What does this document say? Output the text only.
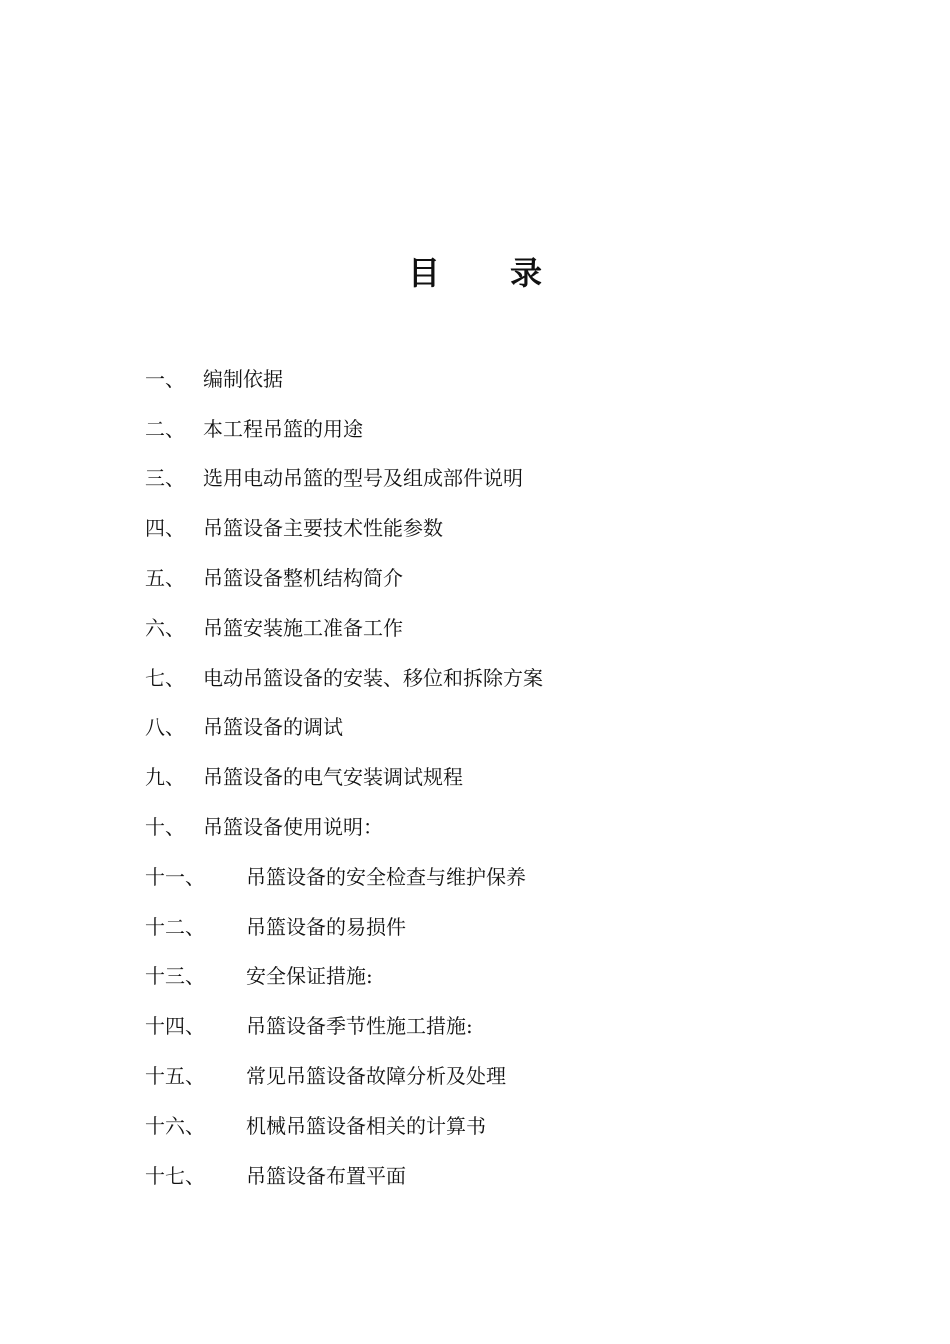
目 录
一、 编制依据
二、 本工程吊篮的用途
三、 选用电动吊篮的型号及组成部件说明
四、 吊篮设备主要技术性能参数
五、 吊篮设备整机结构简介
六、 吊篮安装施工准备工作
七、 电动吊篮设备的安装、移位和拆除方案
八、 吊篮设备的调试
九、 吊篮设备的电气安装调试规程
十、 吊篮设备使用说明：
十一、	吊篮设备的安全检查与维护保养
十二、	吊篮设备的易损件
十三、	安全保证措施:
十四、	吊篮设备季节性施工措施:
十五、	常见吊篮设备故障分析及处理
十六、	机械吊篮设备相关的计算书
十七、	吊篮设备布置平面
